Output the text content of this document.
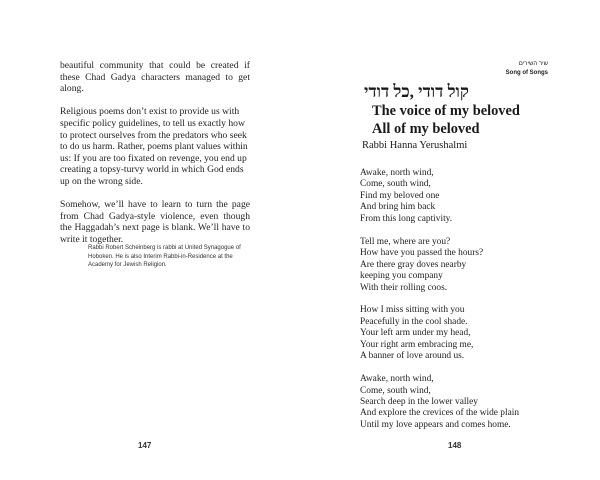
beautiful community that could be created if these Chad Gadya characters managed to get along.

Religious poems don’t exist to provide us with specific policy guidelines, to tell us exactly how to protect ourselves from the predators who seek to do us harm. Rather, poems plant values within us: If you are too fixated on revenge, you end up creating a topsy-turvy world in which God ends up on the wrong side.

Somehow, we’ll have to learn to turn the page from Chad Gadya-style violence, even though the Haggadah’s next page is blank. We’ll have to write it together.

Rabbi Robert Scheinberg is rabbi at United Synagogue of Hoboken. He is also Interim Rabbi-in-Residence at the Academy for Jewish Religion.
147
שיר השירים
Song of Songs
קול דודי ,כל דודי
The voice of my beloved
All of my beloved
Rabbi Hanna Yerushalmi
Awake, north wind,
Come, south wind,
Find my beloved one
And bring him back
From this long captivity.
Tell me, where are you?
How have you passed the hours?
Are there gray doves nearby
keeping you company
With their rolling coos.
How I miss sitting with you
Peacefully in the cool shade.
Your left arm under my head,
Your right arm embracing me,
A banner of love around us.
Awake, north wind,
Come, south wind,
Search deep in the lower valley
And explore the crevices of the wide plain
Until my love appears and comes home.
148
